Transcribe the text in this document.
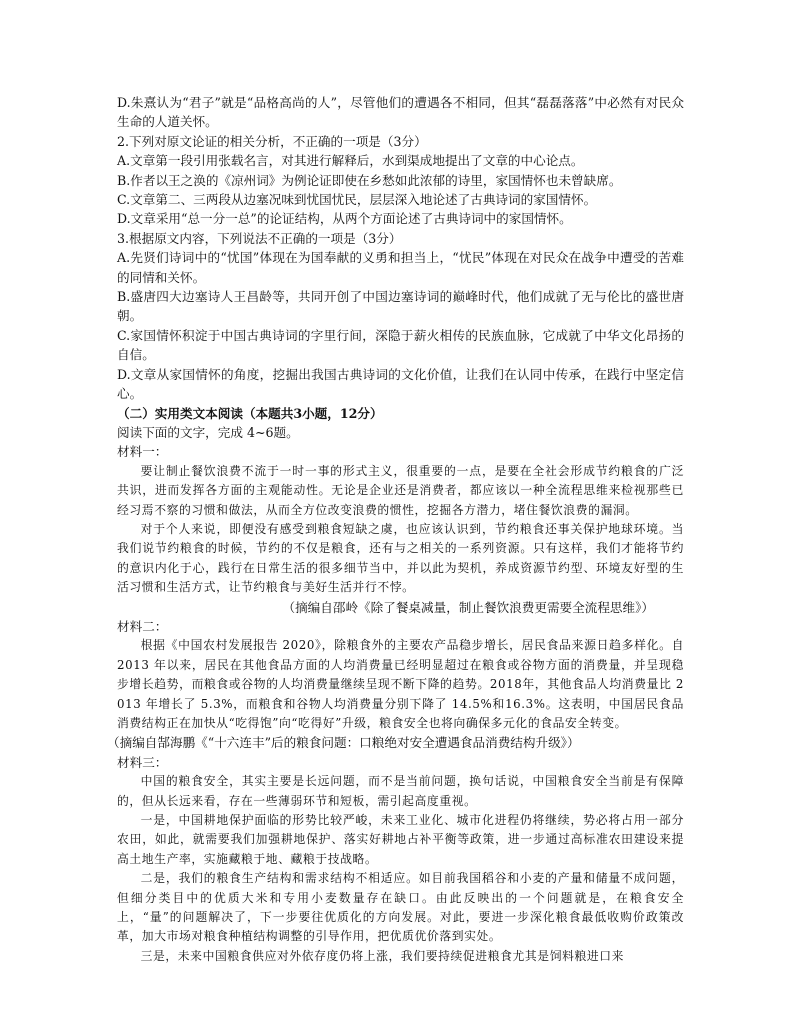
D.朱熹认为“君子”就是“品格高尚的人”，尽管他们的遭遇各不相同，但其“磊磊落落”中必然有对民众生命的人道关怀。

2.下列对原文论证的相关分析，不正确的一项是（3分）

A.文章第一段引用张载名言，对其进行解释后，水到渠成地提出了文章的中心论点。

B.作者以王之涣的《凉州词》为例论证即使在乡愁如此浓郁的诗里，家国情怀也未曾缺席。

C.文章第二、三两段从边塞况味到忧国忧民，层层深入地论述了古典诗词的家国情怀。

D.文章采用“总一分一总”的论证结构，从两个方面论述了古典诗词中的家国情怀。

3.根据原文内容，下列说法不正确的一项是（3分）

A.先贤们诗词中的“忧国”体现在为国奉献的义勇和担当上，“忧民”体现在对民众在战争中遭受的苦难的同情和关怀。

B.盛唐四大边塞诗人王昌龄等，共同开创了中国边塞诗词的巅峰时代，他们成就了无与伦比的盛世唐朝。

C.家国情怀积淀于中国古典诗词的字里行间，深隐于薪火相传的民族血脉，它成就了中华文化昂扬的自信。

D.文章从家国情怀的角度，挖掘出我国古典诗词的文化价值，让我们在认同中传承，在践行中坚定信心。

（二）实用类文本阅读（本题共3小题，12分）

阅读下面的文字，完成 4~6题。

材料一：

要让制止餐饮浪费不流于一时一事的形式主义，很重要的一点，是要在全社会形成节约粮食的广泛共识，进而发挥各方面的主观能动性。无论是企业还是消费者，都应该以一种全流程思维来检视那些已经习焉不察的习惯和做法，从而全方位改变浪费的惯性，挖掘各方潜力，堵住餐饮浪费的漏洞。

对于个人来说，即便没有感受到粮食短缺之虞，也应该认识到，节约粮食还事关保护地球环境。当我们说节约粮食的时候，节约的不仅是粮食，还有与之相关的一系列资源。只有这样，我们才能将节约的意识内化于心，践行在日常生活的很多细节当中，并以此为契机，养成资源节约型、环境友好型的生活习惯和生活方式，让节约粮食与美好生活并行不悖。

（摘编自邵岭《除了餐桌减量，制止餐饮浪费更需要全流程思维》）

材料二：

根据《中国农村发展报告 2020》，除粮食外的主要农产品稳步增长，居民食品来源日趋多样化。自 2013 年以来，居民在其他食品方面的人均消费量已经明显超过在粮食或谷物方面的消费量，并呈现稳步增长趋势，而粮食或谷物的人均消费量继续呈现不断下降的趋势。2018年，其他食品人均消费量比 2013 年增长了 5.3%，而粮食和谷物人均消费量分别下降了 14.5%和16.3%。这表明，中国居民食品消费结构正在加快从“吃得饱”向“吃得好”升级，粮食安全也将向确保多元化的食品安全转变。

（摘编自郜海鹏《“十六连丰”后的粮食问题：口粮绝对安全遭遇食品消费结构升级》）

材料三：

中国的粮食安全，其实主要是长远问题，而不是当前问题，换句话说，中国粮食安全当前是有保障的，但从长远来看，存在一些薄弱环节和短板，需引起高度重视。

一是，中国耕地保护面临的形势比较严峻，未来工业化、城市化进程仍将继续，势必将占用一部分农田，如此，就需要我们加强耕地保护、落实好耕地占补平衡等政策，进一步通过高标准农田建设来提高土地生产率，实施藏粮于地、藏粮于技战略。

二是，我们的粮食生产结构和需求结构不相适应。如目前我国稻谷和小麦的产量和储量不成问题，但细分类目中的优质大米和专用小麦数量存在缺口。由此反映出的一个问题就是，在粮食安全上，“量”的问题解决了，下一步要往优质化的方向发展。对此，要进一步深化粮食最低收购价政策改革，加大市场对粮食种植结构调整的引导作用，把优质优价落到实处。

三是，未来中国粮食供应对外依存度仍将上涨，我们要持续促进粮食尤其是饲料粮进口来
